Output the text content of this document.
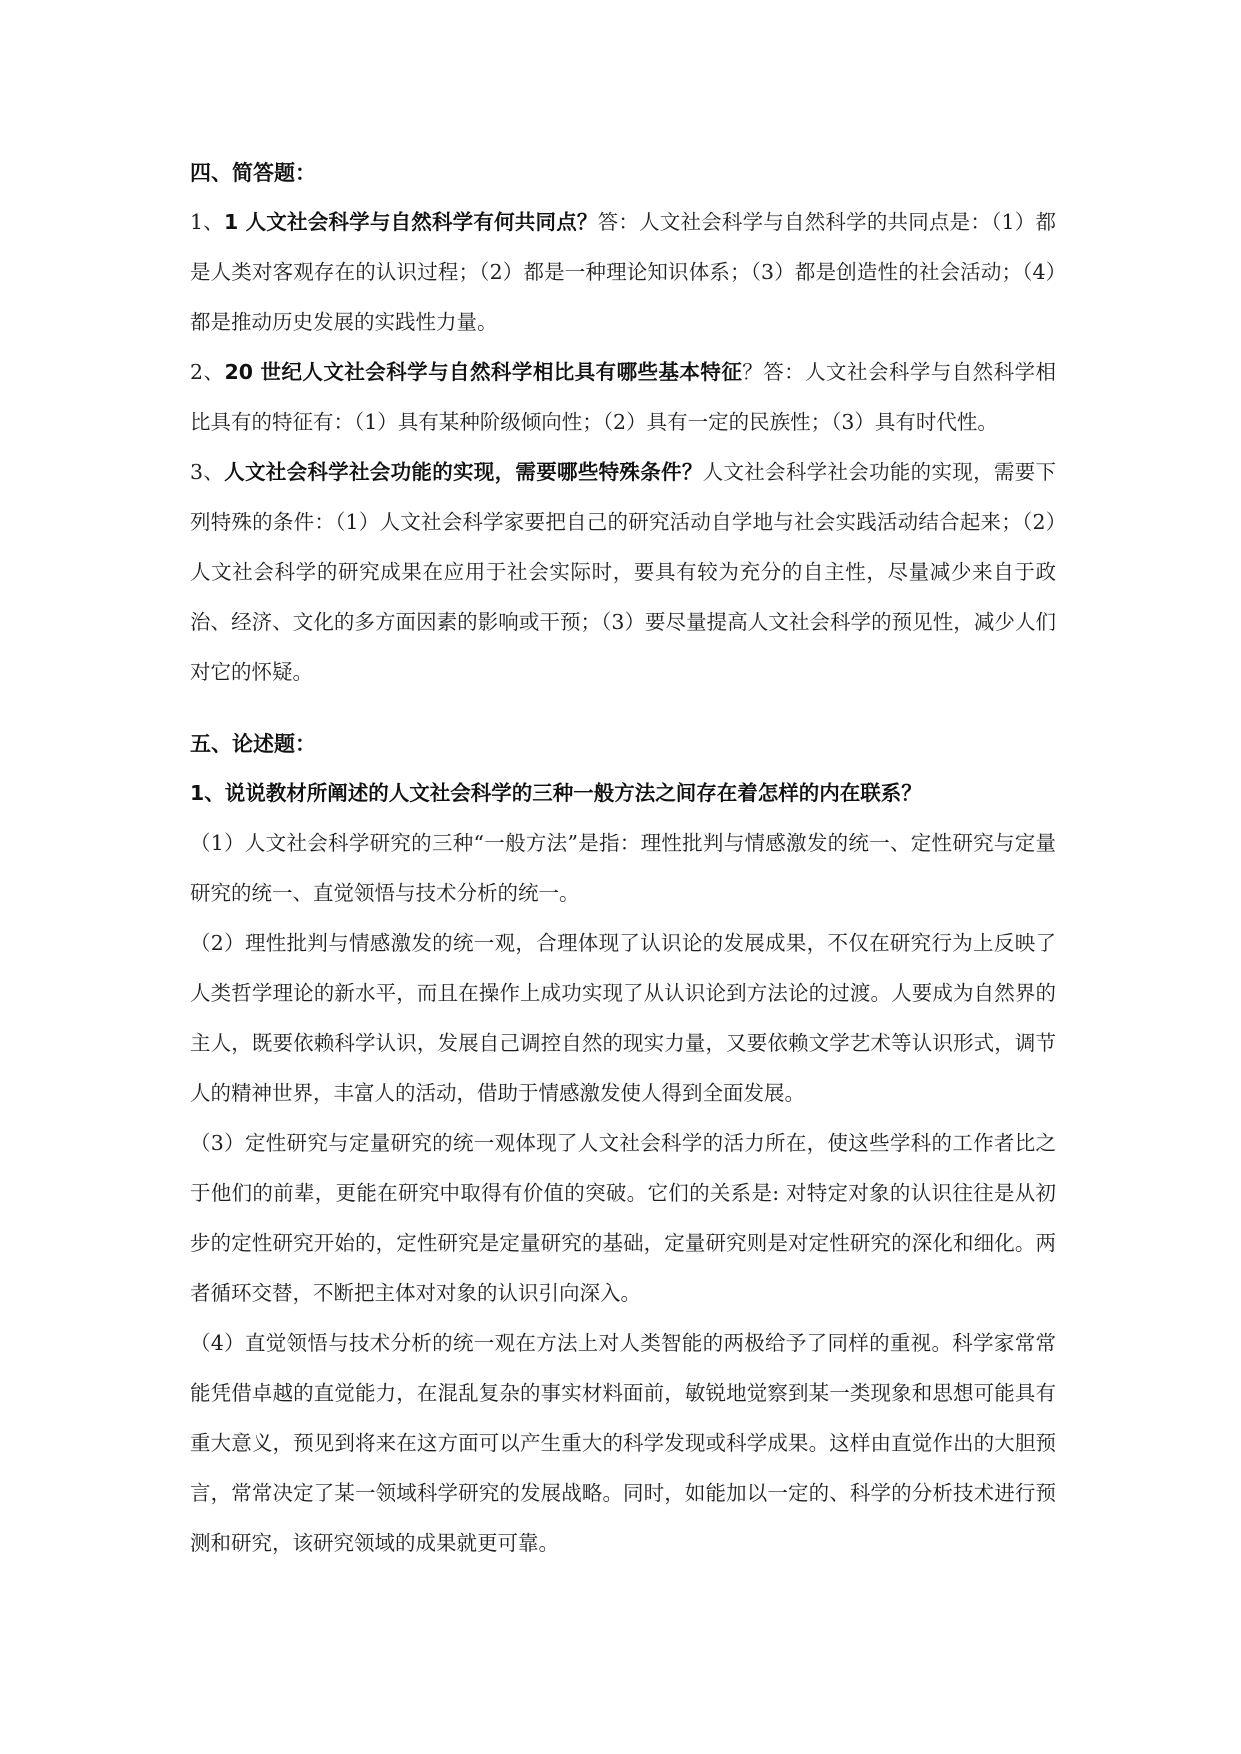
四、简答题：

1、1 人文社会科学与自然科学有何共同点？答：人文社会科学与自然科学的共同点是：（1）都是人类对客观存在的认识过程；（2）都是一种理论知识体系；（3）都是创造性的社会活动；（4）都是推动历史发展的实践性力量。

2、20 世纪人文社会科学与自然科学相比具有哪些基本特征？答：人文社会科学与自然科学相比具有的特征有：（1）具有某种阶级倾向性；（2）具有一定的民族性；（3）具有时代性。

3、人文社会科学社会功能的实现，需要哪些特殊条件？人文社会科学社会功能的实现，需要下列特殊的条件：（1）人文社会科学家要把自己的研究活动自学地与社会实践活动结合起来；（2）人文社会科学的研究成果在应用于社会实际时，要具有较为充分的自主性，尽量减少来自于政治、经济、文化的多方面因素的影响或干预；（3）要尽量提高人文社会科学的预见性，减少人们对它的怀疑。

五、论述题：

1、说说教材所阐述的人文社会科学的三种一般方法之间存在着怎样的内在联系？

（1）人文社会科学研究的三种“一般方法”是指：理性批判与情感激发的统一、定性研究与定量研究的统一、直觉领悟与技术分析的统一。

（2）理性批判与情感激发的统一观，合理体现了认识论的发展成果，不仅在研究行为上反映了人类哲学理论的新水平，而且在操作上成功实现了从认识论到方法论的过渡。人要成为自然界的主人，既要依赖科学认识，发展自己调控自然的现实力量，又要依赖文学艺术等认识形式，调节人的精神世界，丰富人的活动，借助于情感激发使人得到全面发展。

（3）定性研究与定量研究的统一观体现了人文社会科学的活力所在，使这些学科的工作者比之于他们的前辈，更能在研究中取得有价值的突破。它们的关系是: 对特定对象的认识往往是从初步的定性研究开始的，定性研究是定量研究的基础，定量研究则是对定性研究的深化和细化。两者循环交替，不断把主体对对象的认识引向深入。

（4）直觉领悟与技术分析的统一观在方法上对人类智能的两极给予了同样的重视。科学家常常能凭借卓越的直觉能力，在混乱复杂的事实材料面前，敏锐地觉察到某一类现象和思想可能具有重大意义，预见到将来在这方面可以产生重大的科学发现或科学成果。这样由直觉作出的大胆预言，常常决定了某一领域科学研究的发展战略。同时，如能加以一定的、科学的分析技术进行预测和研究，该研究领域的成果就更可靠。
